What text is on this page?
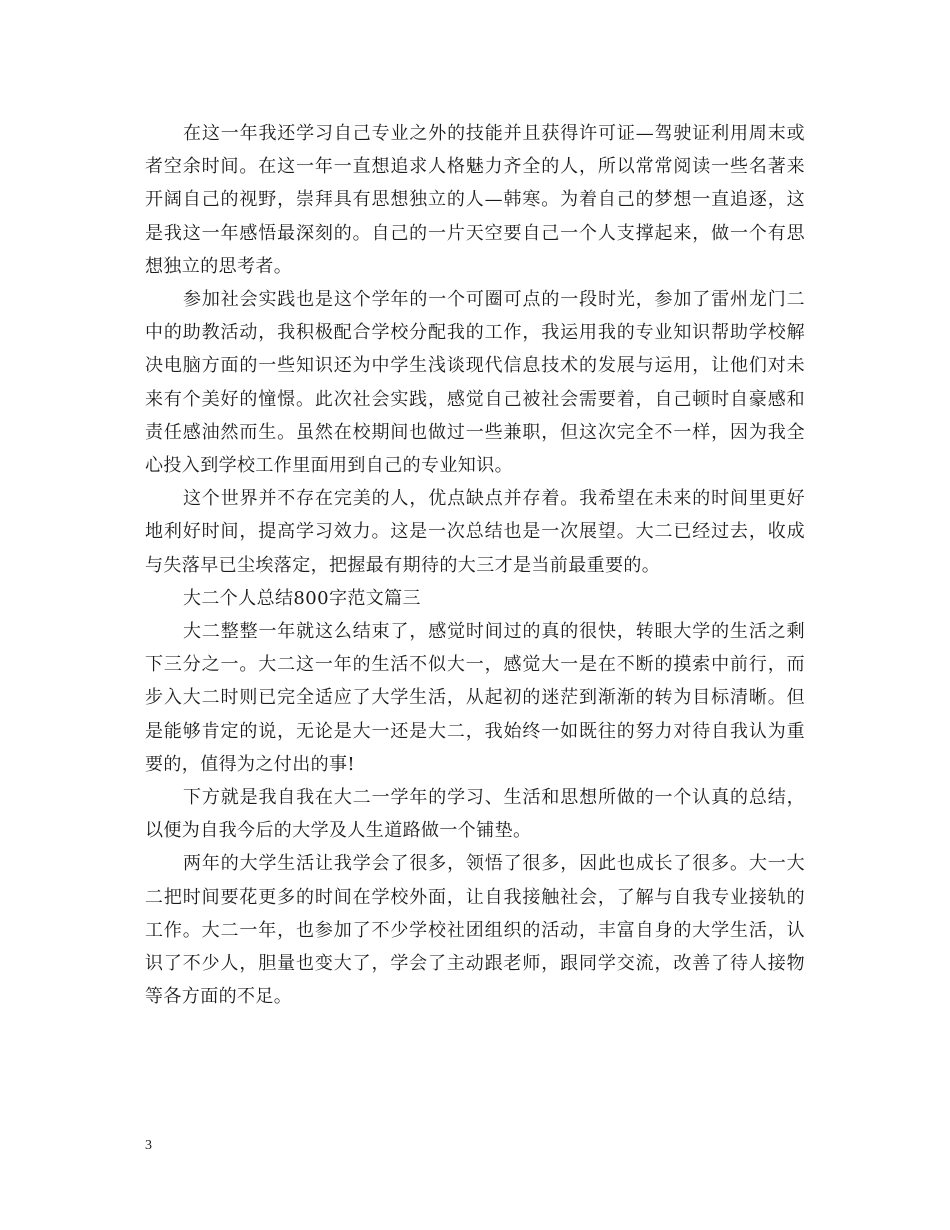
在这一年我还学习自己专业之外的技能并且获得许可证—驾驶证利用周末或者空余时间。在这一年一直想追求人格魅力齐全的人，所以常常阅读一些名著来开阔自己的视野，崇拜具有思想独立的人—韩寒。为着自己的梦想一直追逐，这是我这一年感悟最深刻的。自己的一片天空要自己一个人支撑起来，做一个有思想独立的思考者。

参加社会实践也是这个学年的一个可圈可点的一段时光，参加了雷州龙门二中的助教活动，我积极配合学校分配我的工作，我运用我的专业知识帮助学校解决电脑方面的一些知识还为中学生浅谈现代信息技术的发展与运用，让他们对未来有个美好的憧憬。此次社会实践，感觉自己被社会需要着，自己顿时自豪感和责任感油然而生。虽然在校期间也做过一些兼职，但这次完全不一样，因为我全心投入到学校工作里面用到自己的专业知识。

这个世界并不存在完美的人，优点缺点并存着。我希望在未来的时间里更好地利好时间，提高学习效力。这是一次总结也是一次展望。大二已经过去，收成与失落早已尘埃落定，把握最有期待的大三才是当前最重要的。

大二个人总结800字范文篇三

大二整整一年就这么结束了，感觉时间过的真的很快，转眼大学的生活之剩下三分之一。大二这一年的生活不似大一，感觉大一是在不断的摸索中前行，而步入大二时则已完全适应了大学生活，从起初的迷茫到渐渐的转为目标清晰。但是能够肯定的说，无论是大一还是大二，我始终一如既往的努力对待自我认为重要的，值得为之付出的事!

下方就是我自我在大二一学年的学习、生活和思想所做的一个认真的总结，以便为自我今后的大学及人生道路做一个铺垫。

两年的大学生活让我学会了很多，领悟了很多，因此也成长了很多。大一大二把时间要花更多的时间在学校外面，让自我接触社会，了解与自我专业接轨的工作。大二一年，也参加了不少学校社团组织的活动，丰富自身的大学生活，认识了不少人，胆量也变大了，学会了主动跟老师，跟同学交流，改善了待人接物等各方面的不足。

3
